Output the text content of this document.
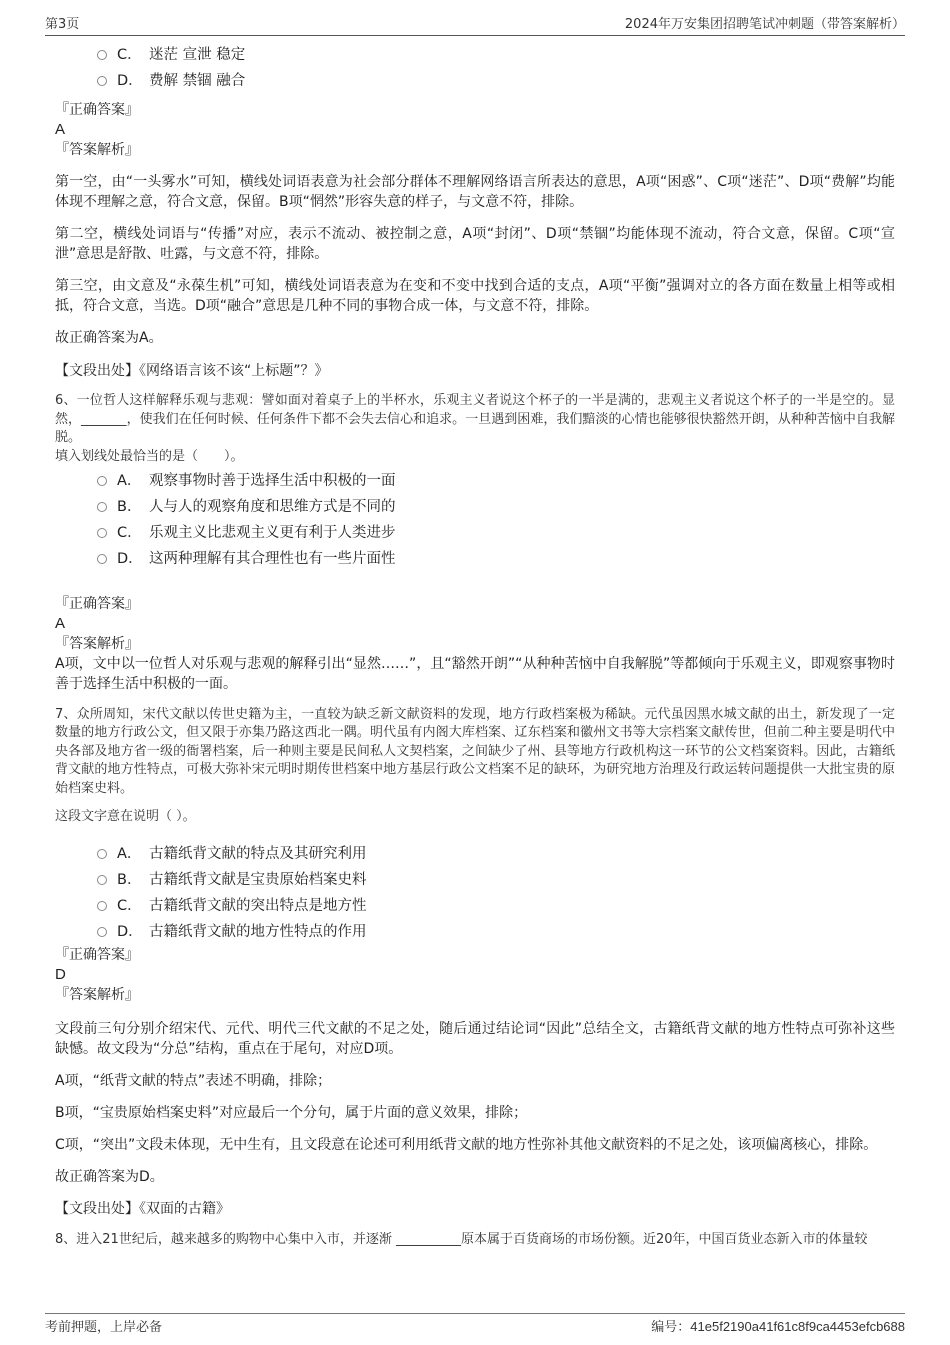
第3页	2024年万安集团招聘笔试冲刺题（带答案解析）
C． 迷茫 宣泄 稳定
D． 费解 禁锢 融合

『正确答案』

A

『答案解析』

第一空，由“一头雾水”可知，横线处词语表意为社会部分群体不理解网络语言所表达的意思，A项“困惑”、C项“迷茫”、D项“费解”均能体现不理解之意，符合文意，保留。B项“惘然”形容失意的样子，与文意不符，排除。

第二空，横线处词语与“传播”对应，表示不流动、被控制之意，A项“封闭”、D项“禁锢”均能体现不流动，符合文意，保留。C项“宣泄”意思是舒散、吐露，与文意不符，排除。

第三空，由文意及“永葆生机”可知，横线处词语表意为在变和不变中找到合适的支点，A项“平衡”强调对立的各方面在数量上相等或相抵，符合文意，当选。D项“融合”意思是几种不同的事物合成一体，与文意不符，排除。

故正确答案为A。

【文段出处】《网络语言该不该“上标题”？》

6、一位哲人这样解释乐观与悲观：譬如面对着桌子上的半杯水，乐观主义者说这个杯子的一半是满的，悲观主义者说这个杯子的一半是空的。显然，_______，使我们在任何时候、任何条件下都不会失去信心和追求。一旦遇到困难，我们黯淡的心情也能够很快豁然开朗，从种种苦恼中自我解脱。

填入划线处最恰当的是（　　）。

A． 观察事物时善于选择生活中积极的一面
B． 人与人的观察角度和思维方式是不同的
C． 乐观主义比悲观主义更有利于人类进步
D． 这两种理解有其合理性也有一些片面性

『正确答案』

A

『答案解析』

A项，文中以一位哲人对乐观与悲观的解释引出“显然……”，且“豁然开朗”“从种种苦恼中自我解脱”等都倾向于乐观主义，即观察事物时善于选择生活中积极的一面。

7、众所周知，宋代文献以传世史籍为主，一直较为缺乏新文献资料的发现，地方行政档案极为稀缺。元代虽因黑水城文献的出土，新发现了一定数量的地方行政公文，但又限于亦集乃路这西北一隅。明代虽有内阁大库档案、辽东档案和徽州文书等大宗档案文献传世，但前二种主要是明代中央各部及地方省一级的衙署档案，后一种则主要是民间私人文契档案，之间缺少了州、县等地方行政机构这一环节的公文档案资料。因此，古籍纸背文献的地方性特点，可极大弥补宋元明时期传世档案中地方基层行政公文档案不足的缺环，为研究地方治理及行政运转问题提供一大批宝贵的原始档案史料。

这段文字意在说明（ ）。

A． 古籍纸背文献的特点及其研究利用
B． 古籍纸背文献是宝贵原始档案史料
C． 古籍纸背文献的突出特点是地方性
D． 古籍纸背文献的地方性特点的作用

『正确答案』

D

『答案解析』

文段前三句分别介绍宋代、元代、明代三代文献的不足之处，随后通过结论词“因此”总结全文，古籍纸背文献的地方性特点可弥补这些缺憾。故文段为“分总”结构，重点在于尾句，对应D项。

A项，“纸背文献的特点”表述不明确，排除；

B项，“宝贵原始档案史料”对应最后一个分句，属于片面的意义效果，排除；

C项，“突出”文段未体现，无中生有，且文段意在论述可利用纸背文献的地方性弥补其他文献资料的不足之处，该项偏离核心，排除。

故正确答案为D。

【文段出处】《双面的古籍》

8、进入21世纪后，越来越多的购物中心集中入市，并逐渐 __________原本属于百货商场的市场份额。近20年，中国百货业态新入市的体量较

考前押题，上岸必备	编号：41e5f2190a41f61c8f9ca4453efcb688
